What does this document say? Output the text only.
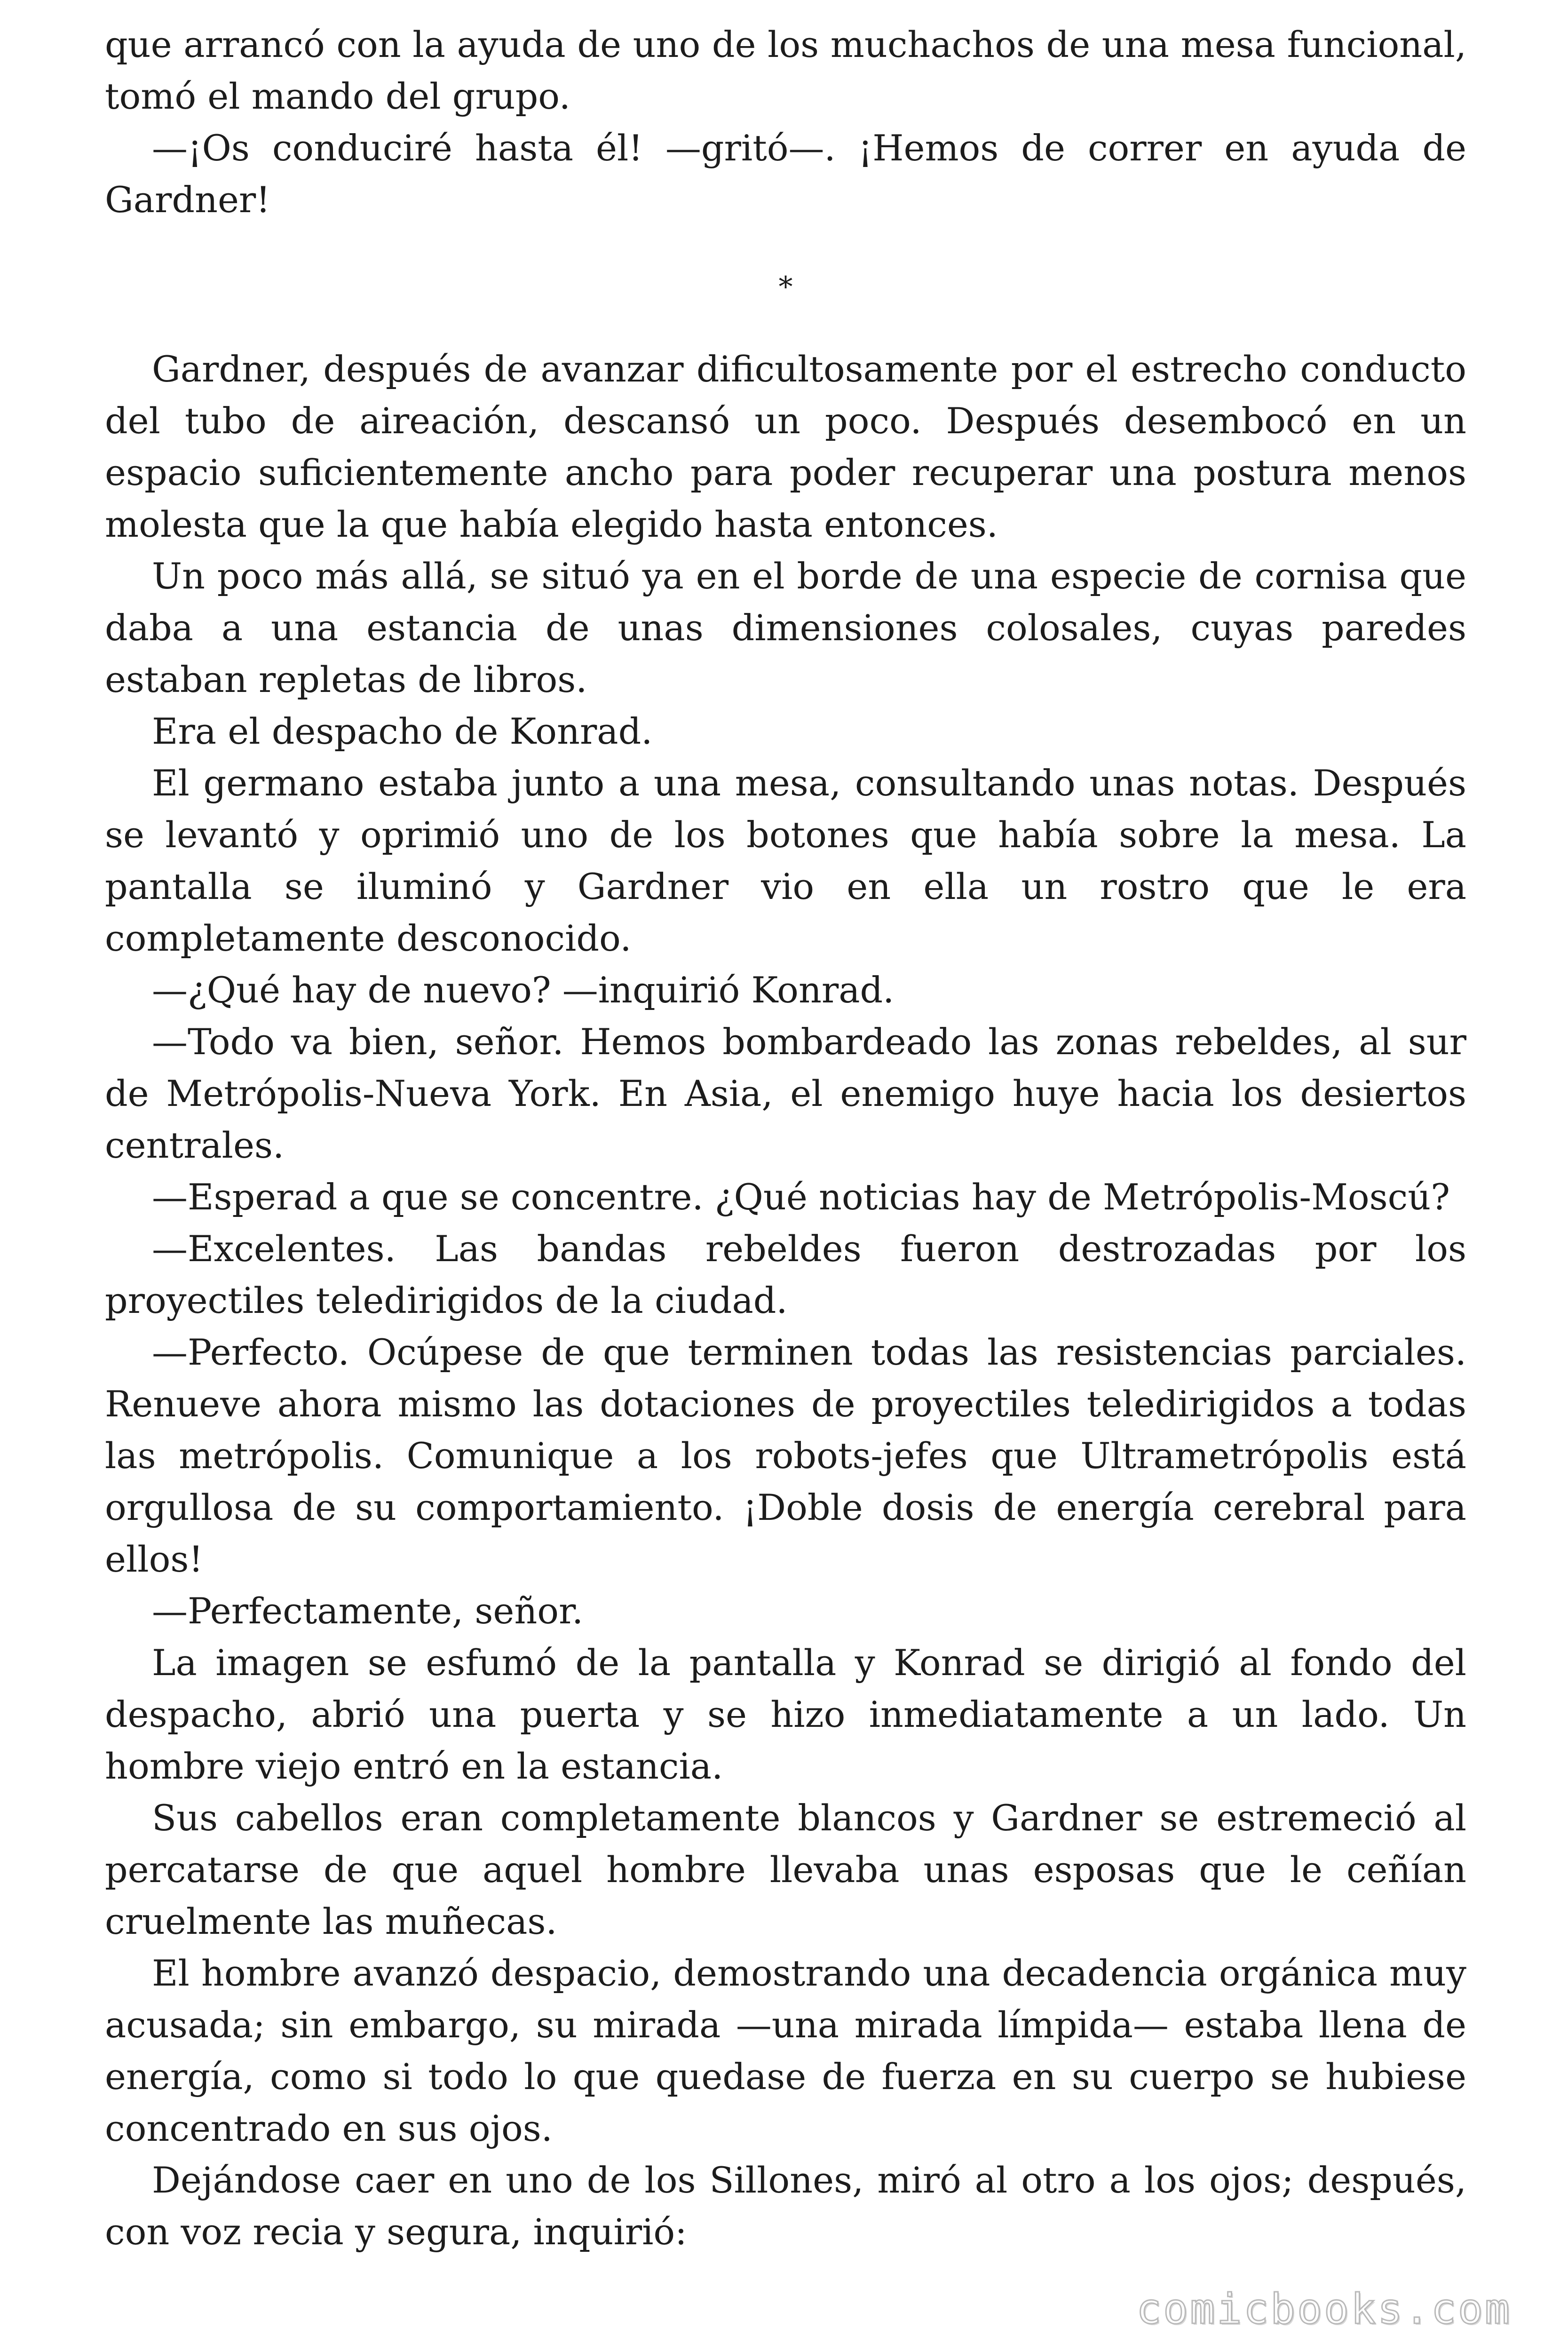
que arrancó con la ayuda de uno de los muchachos de una mesa funcional, tomó el mando del grupo.

—¡Os conduciré hasta él! —gritó—. ¡Hemos de correr en ayuda de Gardner!

*

Gardner, después de avanzar dificultosamente por el estrecho conducto del tubo de aireación, descansó un poco. Después desembocó en un espacio suficientemente ancho para poder recuperar una postura menos molesta que la que había elegido hasta entonces.

Un poco más allá, se situó ya en el borde de una especie de cornisa que daba a una estancia de unas dimensiones colosales, cuyas paredes estaban repletas de libros.

Era el despacho de Konrad.

El germano estaba junto a una mesa, consultando unas notas. Después se levantó y oprimió uno de los botones que había sobre la mesa. La pantalla se iluminó y Gardner vio en ella un rostro que le era completamente desconocido.

—¿Qué hay de nuevo? —inquirió Konrad.

—Todo va bien, señor. Hemos bombardeado las zonas rebeldes, al sur de Metrópolis-Nueva York. En Asia, el enemigo huye hacia los desiertos centrales.

—Esperad a que se concentre. ¿Qué noticias hay de Metrópolis-Moscú?

—Excelentes. Las bandas rebeldes fueron destrozadas por los proyectiles teledirigidos de la ciudad.

—Perfecto. Ocúpese de que terminen todas las resistencias parciales. Renueve ahora mismo las dotaciones de proyectiles teledirigidos a todas las metrópolis. Comunique a los robots-jefes que Ultrametrópolis está orgullosa de su comportamiento. ¡Doble dosis de energía cerebral para ellos!

—Perfectamente, señor.

La imagen se esfumó de la pantalla y Konrad se dirigió al fondo del despacho, abrió una puerta y se hizo inmediatamente a un lado. Un hombre viejo entró en la estancia.

Sus cabellos eran completamente blancos y Gardner se estremeció al percatarse de que aquel hombre llevaba unas esposas que le ceñían cruelmente las muñecas.

El hombre avanzó despacio, demostrando una decadencia orgánica muy acusada; sin embargo, su mirada —una mirada límpida— estaba llena de energía, como si todo lo que quedase de fuerza en su cuerpo se hubiese concentrado en sus ojos.

Dejándose caer en uno de los Sillones, miró al otro a los ojos; después, con voz recia y segura, inquirió:

comicbooks.com
